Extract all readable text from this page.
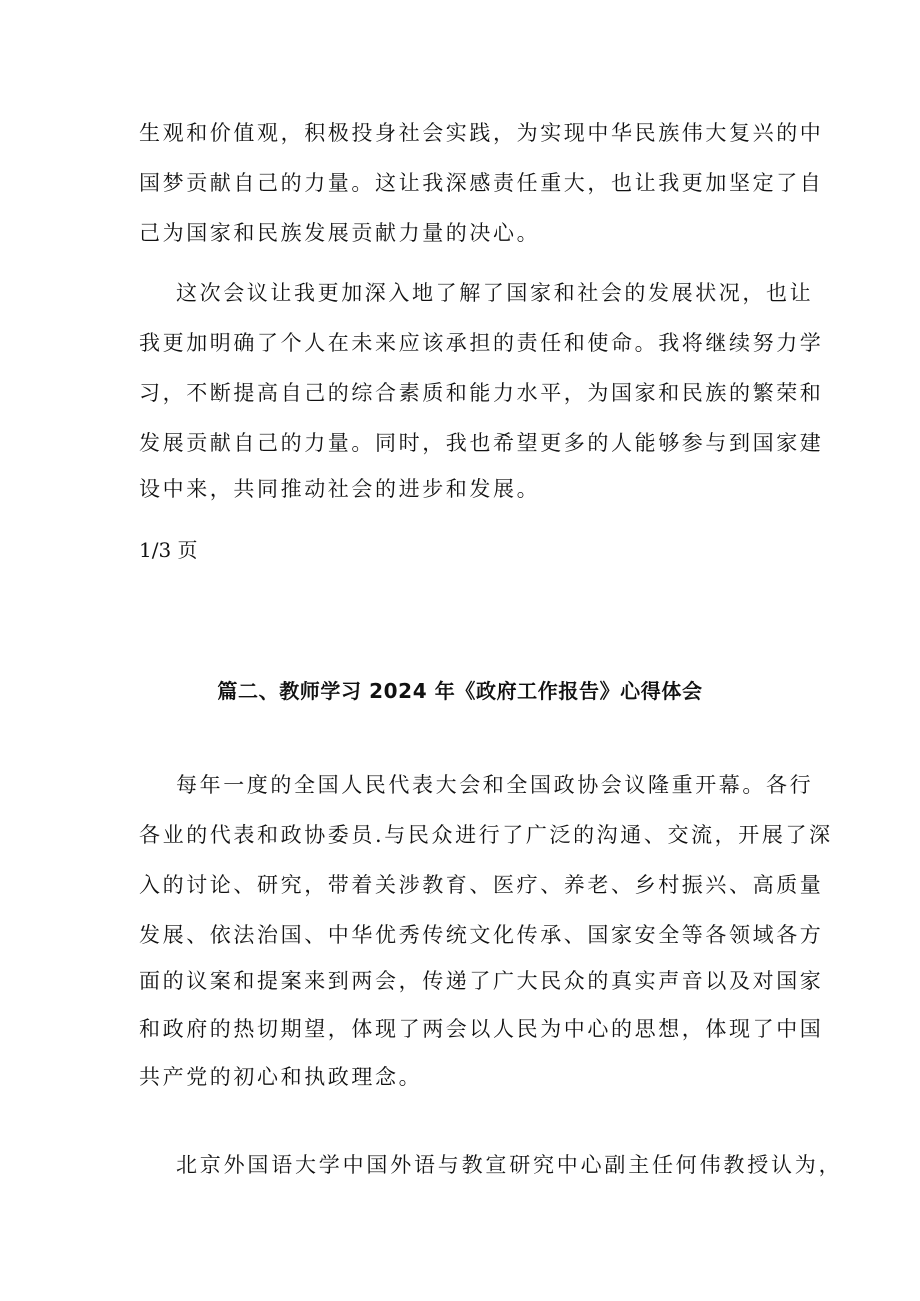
生观和价值观，积极投身社会实践，为实现中华民族伟大复兴的中
国梦贡献自己的力量。这让我深感责任重大，也让我更加坚定了自
己为国家和民族发展贡献力量的决心。
这次会议让我更加深入地了解了国家和社会的发展状况，也让
我更加明确了个人在未来应该承担的责任和使命。我将继续努力学
习，不断提高自己的综合素质和能力水平，为国家和民族的繁荣和
发展贡献自己的力量。同时，我也希望更多的人能够参与到国家建
设中来，共同推动社会的进步和发展。
1/3 页
篇二、教师学习 2024 年《政府工作报告》心得体会
每年一度的全国人民代表大会和全国政协会议隆重开幕。各行
各业的代表和政协委员.与民众进行了广泛的沟通、交流，开展了深
入的讨论、研究，带着关涉教育、医疗、养老、乡村振兴、高质量
发展、依法治国、中华优秀传统文化传承、国家安全等各领域各方
面的议案和提案来到两会，传递了广大民众的真实声音以及对国家
和政府的热切期望，体现了两会以人民为中心的思想，体现了中国
共产党的初心和执政理念。
北京外国语大学中国外语与教宣研究中心副主任何伟教授认为，
